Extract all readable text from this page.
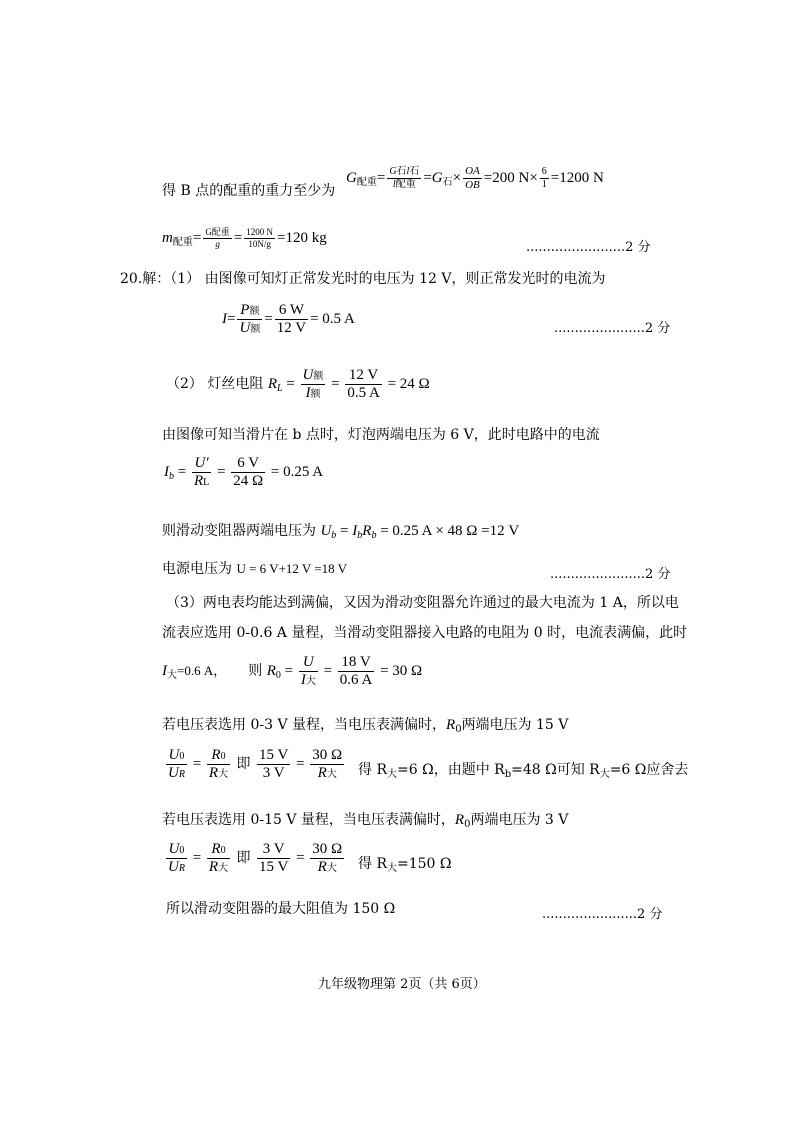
得 B 点的配重的重力至少为
$G_{配重}= \frac{\text{G石l石}}{\text{l配重}} =G_石\times \frac{OA}{OB} =200$ $N\times \frac{6}{1} =1200$ N
$m_{配重}= \frac{\text{G配重}}{g} = \frac{1200 N}{10N/g} =120$ kg
........................2 分
20.解：（1） 由图像可知灯正常发光时的电压为 12 V，则正常发光时的电流为
$I= \frac{\text{P额}}{\text{U额}} = \frac{6 W}{12 V} = 0.5$ A
......................2 分
（2） 灯丝电阻 $R_L = \frac{\text{U额}}{\text{I额}} = \frac{12 V}{0.5 A} = 24$ Ω
由图像可知当滑片在 b 点时，灯泡两端电压为 6 V，此时电路中的电流
$I_b = \frac{U'}{RL} = \frac{6 V}{24 \Omega} = 0.25$ A
则滑动变阻器两端电压为 $U_b = I_bR_b = 0.25$ A × 48 Ω =12 V
电源电压为 U = 6 V+12 V =18 V	.......................2 分
（3）两电表均能达到满偏，又因为滑动变阻器允许通过的最大电流为 1 A，所以电
流表应选用 0-0.6 A 量程，当滑动变阻器接入电路的电阻为 0 时，电流表满偏，此时
$I_大=0.6$ A， 则 $R_0 = \frac{U}{\text{I大}} = \frac{18 V}{0.6 A} = 30$ Ω
若电压表选用 0-3 V 量程，当电压表满偏时，$R_0$两端电压为 15 V
$\frac{U0}{UR} = \frac{R0}{\text{R大}}$ 即 $\frac{15 V}{3 V} = \frac{30 \Omega}{\text{R大}}$ 得 $R_大=6$ Ω，由题中 $R_b=48$ Ω可知 $R_大=6$ Ω应舍去
若电压表选用 0-15 V 量程，当电压表满偏时，$R_0$两端电压为 3 V
$\frac{U0}{UR} = \frac{R0}{\text{R大}}$ 即 $\frac{3 V}{15 V} = \frac{30 \Omega}{\text{R大}}$ 得 $R_大=150$ Ω
所以滑动变阻器的最大阻值为 150 Ω	.......................2 分
九年级物理第 2页（共 6页）
